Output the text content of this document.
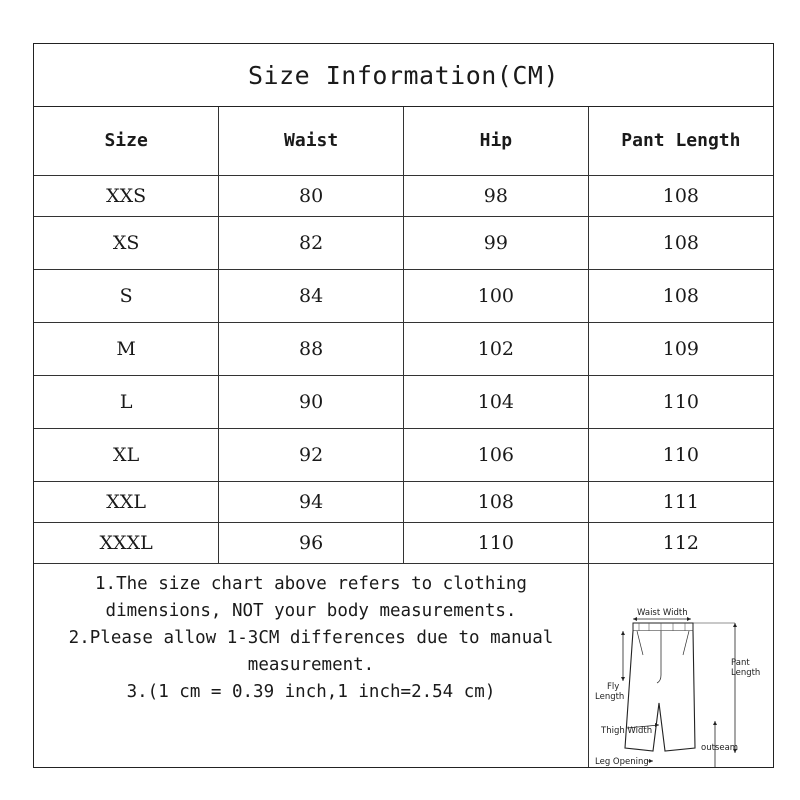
Size Information(CM)
Size	Waist	Hip	Pant Length
XXS	80	98	108
XS	82	99	108
S	84	100	108
M	88	102	109
L	90	104	110
XL	92	106	110
XXL	94	108	111
XXXL	96	110	112
1.The size chart above refers to clothing
dimensions, NOT your body measurements.
2.Please allow 1-3CM differences due to manual
measurement.
3.(1 cm = 0.39 inch,1 inch=2.54 cm)
Waist Width
Fly
Length
Pant
Length
Thigh Width
outseam
Leg Opening
